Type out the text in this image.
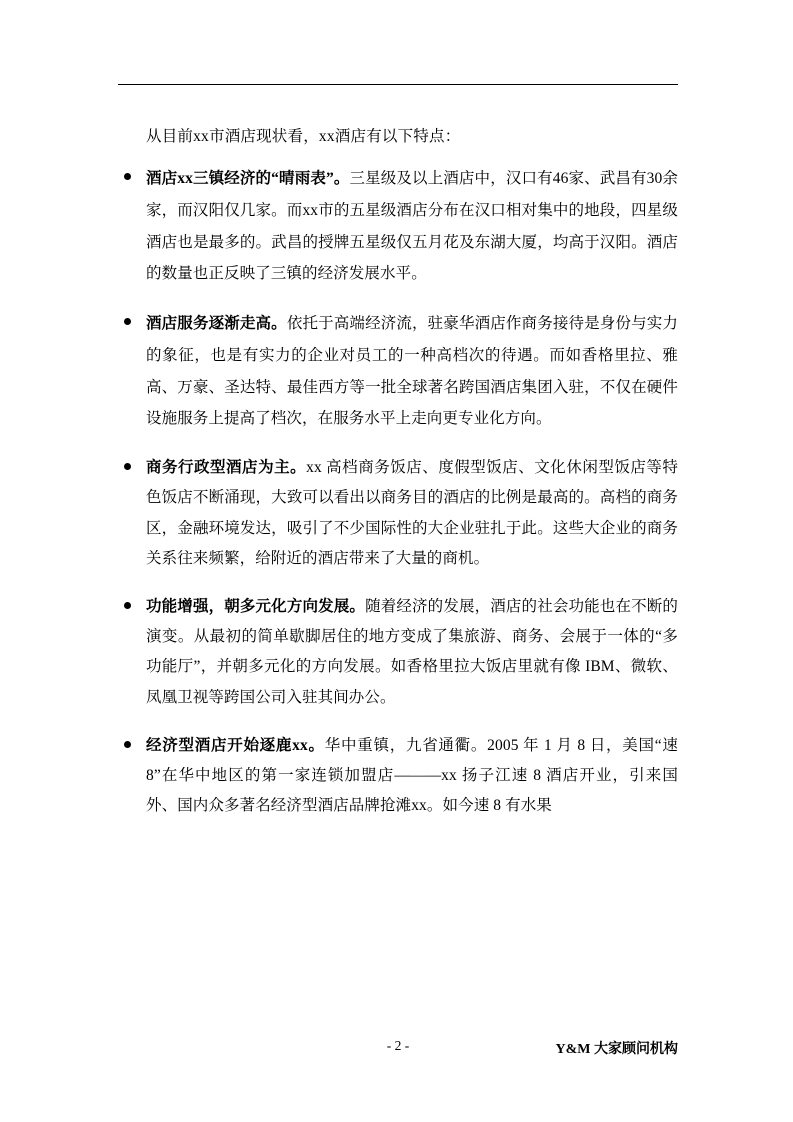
从目前xx市酒店现状看，xx酒店有以下特点：

酒店xx三镇经济的“晴雨表”。三星级及以上酒店中，汉口有46家、武昌有30余家，而汉阳仅几家。而xx市的五星级酒店分布在汉口相对集中的地段，四星级酒店也是最多的。武昌的授牌五星级仅五月花及东湖大厦，均高于汉阳。酒店的数量也正反映了三镇的经济发展水平。
酒店服务逐渐走高。依托于高端经济流，驻豪华酒店作商务接待是身份与实力的象征，也是有实力的企业对员工的一种高档次的待遇。而如香格里拉、雅高、万豪、圣达特、最佳西方等一批全球著名跨国酒店集团入驻，不仅在硬件设施服务上提高了档次，在服务水平上走向更专业化方向。
商务行政型酒店为主。xx 高档商务饭店、度假型饭店、文化休闲型饭店等特色饭店不断涌现，大致可以看出以商务目的酒店的比例是最高的。高档的商务区，金融环境发达，吸引了不少国际性的大企业驻扎于此。这些大企业的商务关系往来频繁，给附近的酒店带来了大量的商机。
功能增强，朝多元化方向发展。随着经济的发展，酒店的社会功能也在不断的演变。从最初的简单歇脚居住的地方变成了集旅游、商务、会展于一体的“多功能厅”，并朝多元化的方向发展。如香格里拉大饭店里就有像 IBM、微软、凤凰卫视等跨国公司入驻其间办公。
经济型酒店开始逐鹿xx。华中重镇，九省通衢。2005 年 1 月 8 日，美国“速 8”在华中地区的第一家连锁加盟店———xx 扬子江速 8 酒店开业，引来国外、国内众多著名经济型酒店品牌抢滩xx。如今速 8 有水果
- 2 -	Y&M 大家顾问机构
